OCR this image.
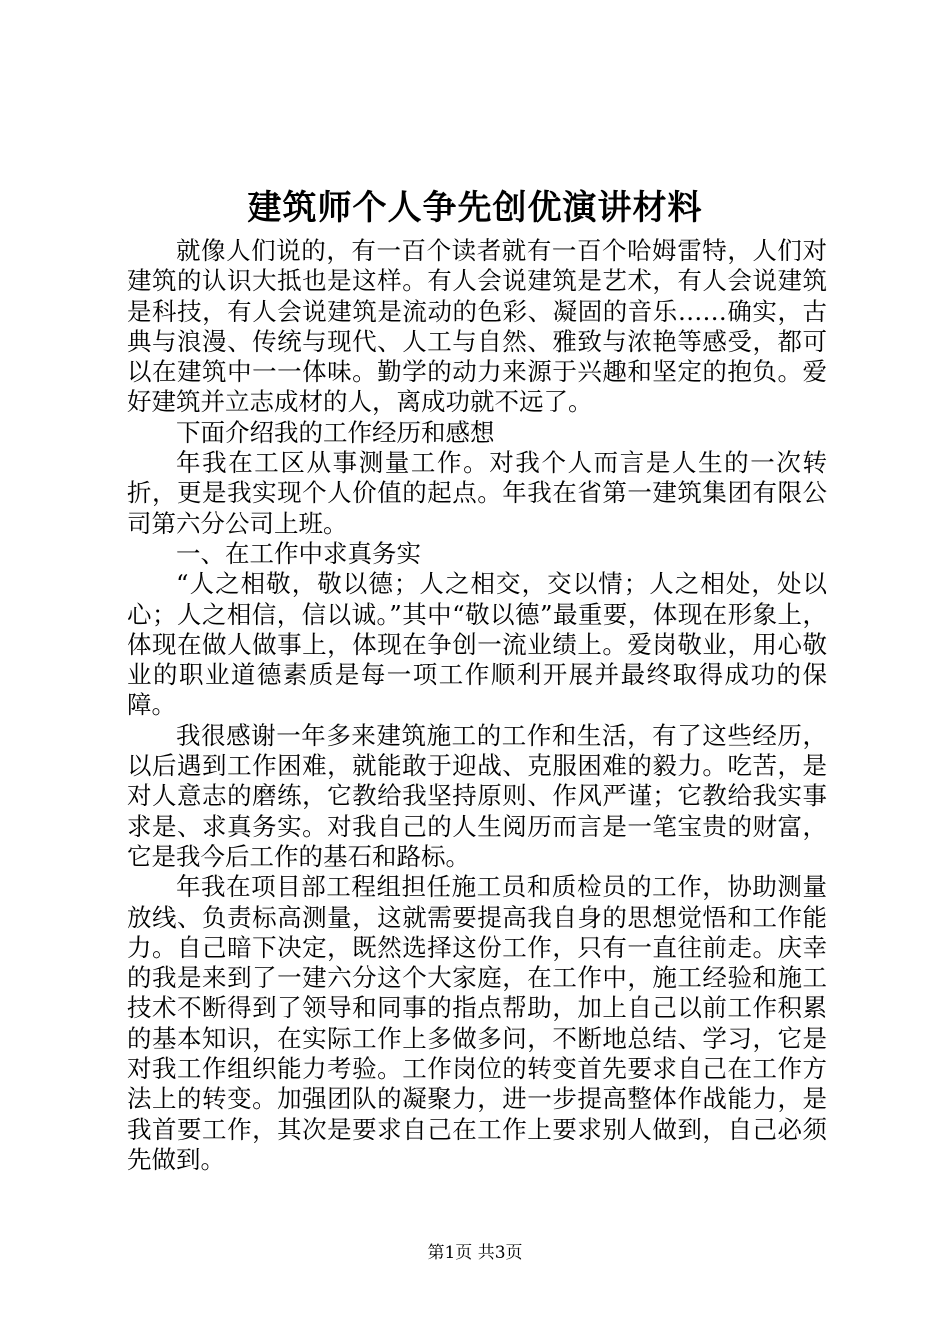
建筑师个人争先创优演讲材料

就像人们说的，有一百个读者就有一百个哈姆雷特，人们对建筑的认识大抵也是这样。有人会说建筑是艺术，有人会说建筑是科技，有人会说建筑是流动的色彩、凝固的音乐……确实，古典与浪漫、传统与现代、人工与自然、雅致与浓艳等感受，都可以在建筑中一一体味。勤学的动力来源于兴趣和坚定的抱负。爱好建筑并立志成材的人，离成功就不远了。

下面介绍我的工作经历和感想

年我在工区从事测量工作。对我个人而言是人生的一次转折，更是我实现个人价值的起点。年我在省第一建筑集团有限公司第六分公司上班。

一、在工作中求真务实

“人之相敬，敬以德；人之相交，交以情；人之相处，处以心；人之相信，信以诚。”其中“敬以德”最重要，体现在形象上，体现在做人做事上，体现在争创一流业绩上。爱岗敬业，用心敬业的职业道德素质是每一项工作顺利开展并最终取得成功的保障。

我很感谢一年多来建筑施工的工作和生活，有了这些经历，以后遇到工作困难，就能敢于迎战、克服困难的毅力。吃苦，是对人意志的磨练，它教给我坚持原则、作风严谨；它教给我实事求是、求真务实。对我自己的人生阅历而言是一笔宝贵的财富，它是我今后工作的基石和路标。

年我在项目部工程组担任施工员和质检员的工作，协助测量放线、负责标高测量，这就需要提高我自身的思想觉悟和工作能力。自己暗下决定，既然选择这份工作，只有一直往前走。庆幸的我是来到了一建六分这个大家庭，在工作中，施工经验和施工技术不断得到了领导和同事的指点帮助，加上自己以前工作积累的基本知识，在实际工作上多做多问，不断地总结、学习，它是对我工作组织能力考验。工作岗位的转变首先要求自己在工作方法上的转变。加强团队的凝聚力，进一步提高整体作战能力，是我首要工作，其次是要求自己在工作上要求别人做到，自己必须先做到。

第1页 共3页
